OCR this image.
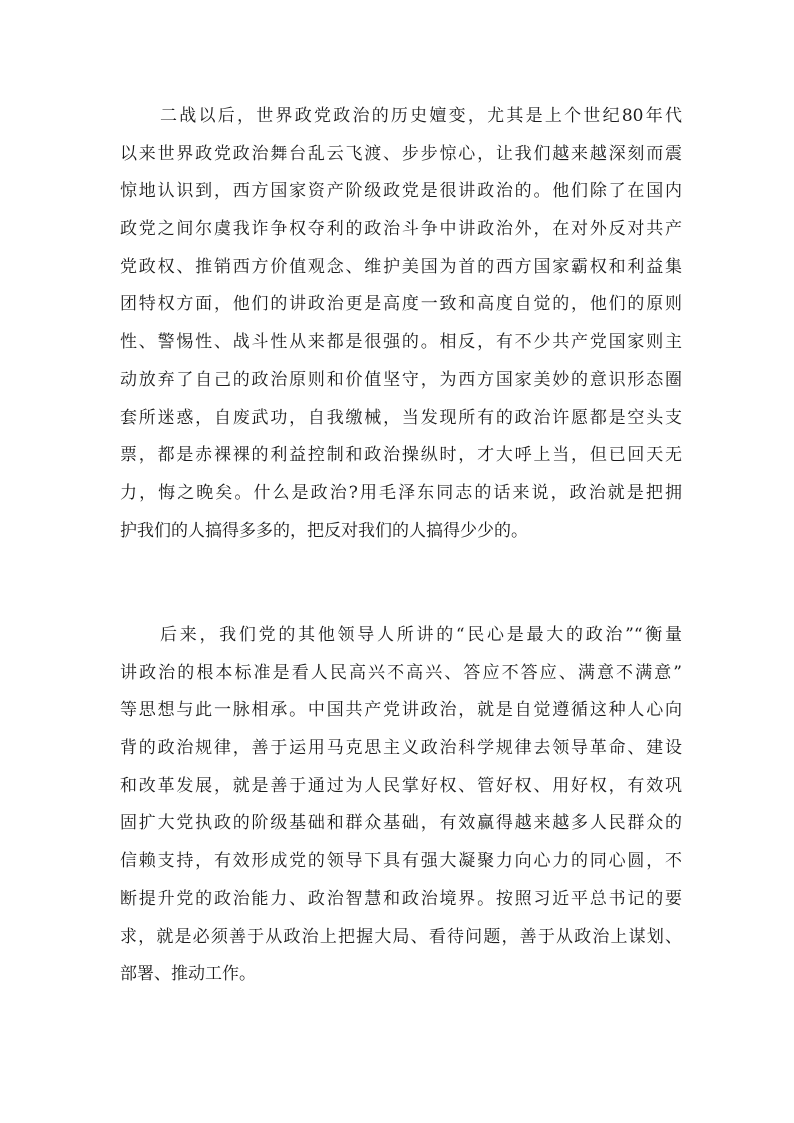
二战以后，世界政党政治的历史嬗变，尤其是上个世纪80年代
以来世界政党政治舞台乱云飞渡、步步惊心，让我们越来越深刻而震
惊地认识到，西方国家资产阶级政党是很讲政治的。他们除了在国内
政党之间尔虞我诈争权夺利的政治斗争中讲政治外，在对外反对共产
党政权、推销西方价值观念、维护美国为首的西方国家霸权和利益集
团特权方面，他们的讲政治更是高度一致和高度自觉的，他们的原则
性、警惕性、战斗性从来都是很强的。相反，有不少共产党国家则主
动放弃了自己的政治原则和价值坚守，为西方国家美妙的意识形态圈
套所迷惑，自废武功，自我缴械，当发现所有的政治许愿都是空头支
票，都是赤裸裸的利益控制和政治操纵时，才大呼上当，但已回天无
力，悔之晚矣。什么是政治?用毛泽东同志的话来说，政治就是把拥
护我们的人搞得多多的，把反对我们的人搞得少少的。
后来，我们党的其他领导人所讲的“民心是最大的政治”“衡量
讲政治的根本标准是看人民高兴不高兴、答应不答应、满意不满意”
等思想与此一脉相承。中国共产党讲政治，就是自觉遵循这种人心向
背的政治规律，善于运用马克思主义政治科学规律去领导革命、建设
和改革发展，就是善于通过为人民掌好权、管好权、用好权，有效巩
固扩大党执政的阶级基础和群众基础，有效赢得越来越多人民群众的
信赖支持，有效形成党的领导下具有强大凝聚力向心力的同心圆，不
断提升党的政治能力、政治智慧和政治境界。按照习近平总书记的要
求，就是必须善于从政治上把握大局、看待问题，善于从政治上谋划、
部署、推动工作。
